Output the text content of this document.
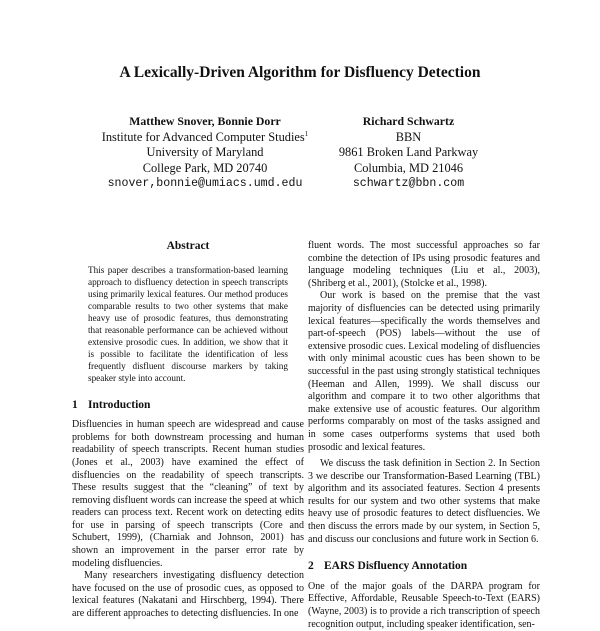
A Lexically-Driven Algorithm for Disfluency Detection
Matthew Snover, Bonnie Dorr
Institute for Advanced Computer Studies$^1$
University of Maryland
College Park, MD 20740
snover,bonnie@umiacs.umd.edu
Richard Schwartz
BBN
9861 Broken Land Parkway
Columbia, MD 21046
schwartz@bbn.com
Abstract

This paper describes a transformation-based learning approach to disfluency detection in speech transcripts using primarily lexical features. Our method produces comparable results to two other systems that make heavy use of prosodic features, thus demonstrating that reasonable performance can be achieved without extensive prosodic cues. In addition, we show that it is possible to facilitate the identification of less frequently disfluent discourse markers by taking speaker style into account.

1 Introduction

Disfluencies in human speech are widespread and cause problems for both downstream processing and human readability of speech transcripts. Recent human studies (Jones et al., 2003) have examined the effect of disfluencies on the readability of speech transcripts. These results suggest that the “cleaning” of text by removing disfluent words can increase the speed at which readers can process text. Recent work on detecting edits for use in parsing of speech transcripts (Core and Schubert, 1999), (Charniak and Johnson, 2001) has shown an improvement in the parser error rate by modeling disfluencies.

Many researchers investigating disfluency detection have focused on the use of prosodic cues, as opposed to lexical features (Nakatani and Hirschberg, 1994). There are different approaches to detecting disfluencies. In one

fluent words. The most successful approaches so far combine the detection of IPs using prosodic features and language modeling techniques (Liu et al., 2003), (Shriberg et al., 2001), (Stolcke et al., 1998).

Our work is based on the premise that the vast majority of disfluencies can be detected using primarily lexical features—specifically the words themselves and part-of-speech (POS) labels—without the use of extensive prosodic cues. Lexical modeling of disfluencies with only minimal acoustic cues has been shown to be successful in the past using strongly statistical techniques (Heeman and Allen, 1999). We shall discuss our algorithm and compare it to two other algorithms that make extensive use of acoustic features. Our algorithm performs comparably on most of the tasks assigned and in some cases outperforms systems that used both prosodic and lexical features.

We discuss the task definition in Section 2. In Section 3 we describe our Transformation-Based Learning (TBL) algorithm and its associated features. Section 4 presents results for our system and two other systems that make heavy use of prosodic features to detect disfluencies. We then discuss the errors made by our system, in Section 5, and discuss our conclusions and future work in Section 6.

2 EARS Disfluency Annotation

One of the major goals of the DARPA program for Effective, Affordable, Reusable Speech-to-Text (EARS) (Wayne, 2003) is to provide a rich transcription of speech recognition output, including speaker identification, sen-
